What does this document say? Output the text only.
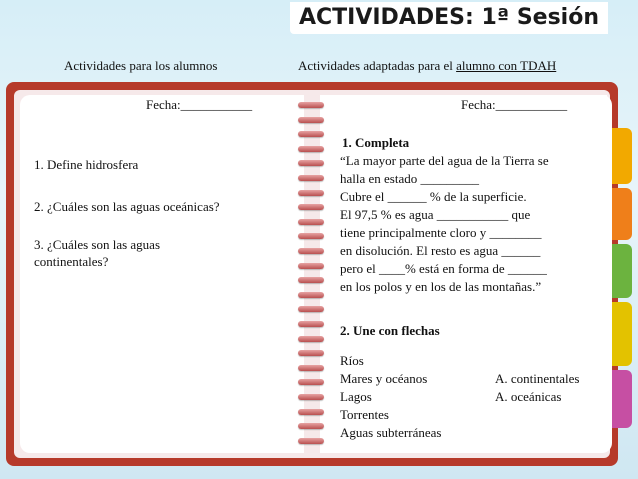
ACTIVIDADES: 1ª Sesión
Actividades para los alumnos	Actividades adaptadas para el alumno con TDAH
Fecha:___________	Fecha:___________
1. Define hidrosfera
2. ¿Cuáles son las aguas oceánicas?
3. ¿Cuáles son las aguas
continentales?
1. Completa
“La mayor parte del agua de la Tierra se
halla en estado _________
Cubre el ______ % de la superficie.
El 97,5 % es agua ___________ que
tiene principalmente cloro y ________
en disolución. El resto es agua ______
pero el ____% está en forma de ______
en los polos y en los de las montañas.”
2. Une con flechas
Ríos
Mares y océanos
Lagos
Torrentes
Aguas subterráneas
A. continentales
A. oceánicas
